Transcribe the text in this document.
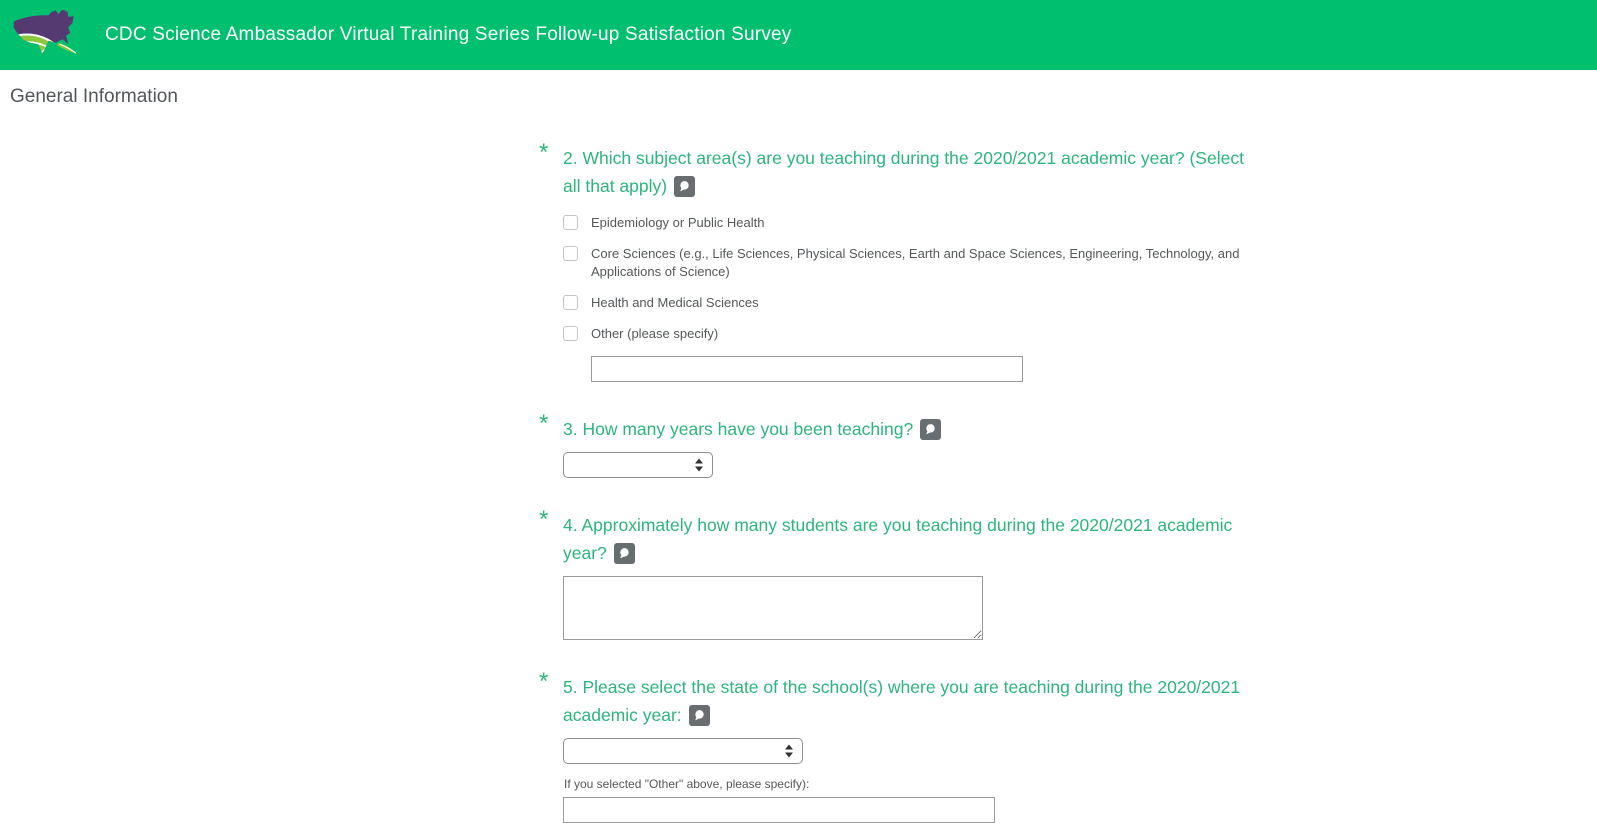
CDC Science Ambassador Virtual Training Series Follow-up Satisfaction Survey
General Information
* 2. Which subject area(s) are you teaching during the 2020/2021 academic year? (Select all that apply)
Epidemiology or Public Health
Core Sciences (e.g., Life Sciences, Physical Sciences, Earth and Space Sciences, Engineering, Technology, and Applications of Science)
Health and Medical Sciences
Other (please specify)
* 3. How many years have you been teaching?
* 4. Approximately how many students are you teaching during the 2020/2021 academic year?
* 5. Please select the state of the school(s) where you are teaching during the 2020/2021 academic year:
If you selected "Other" above, please specify):
